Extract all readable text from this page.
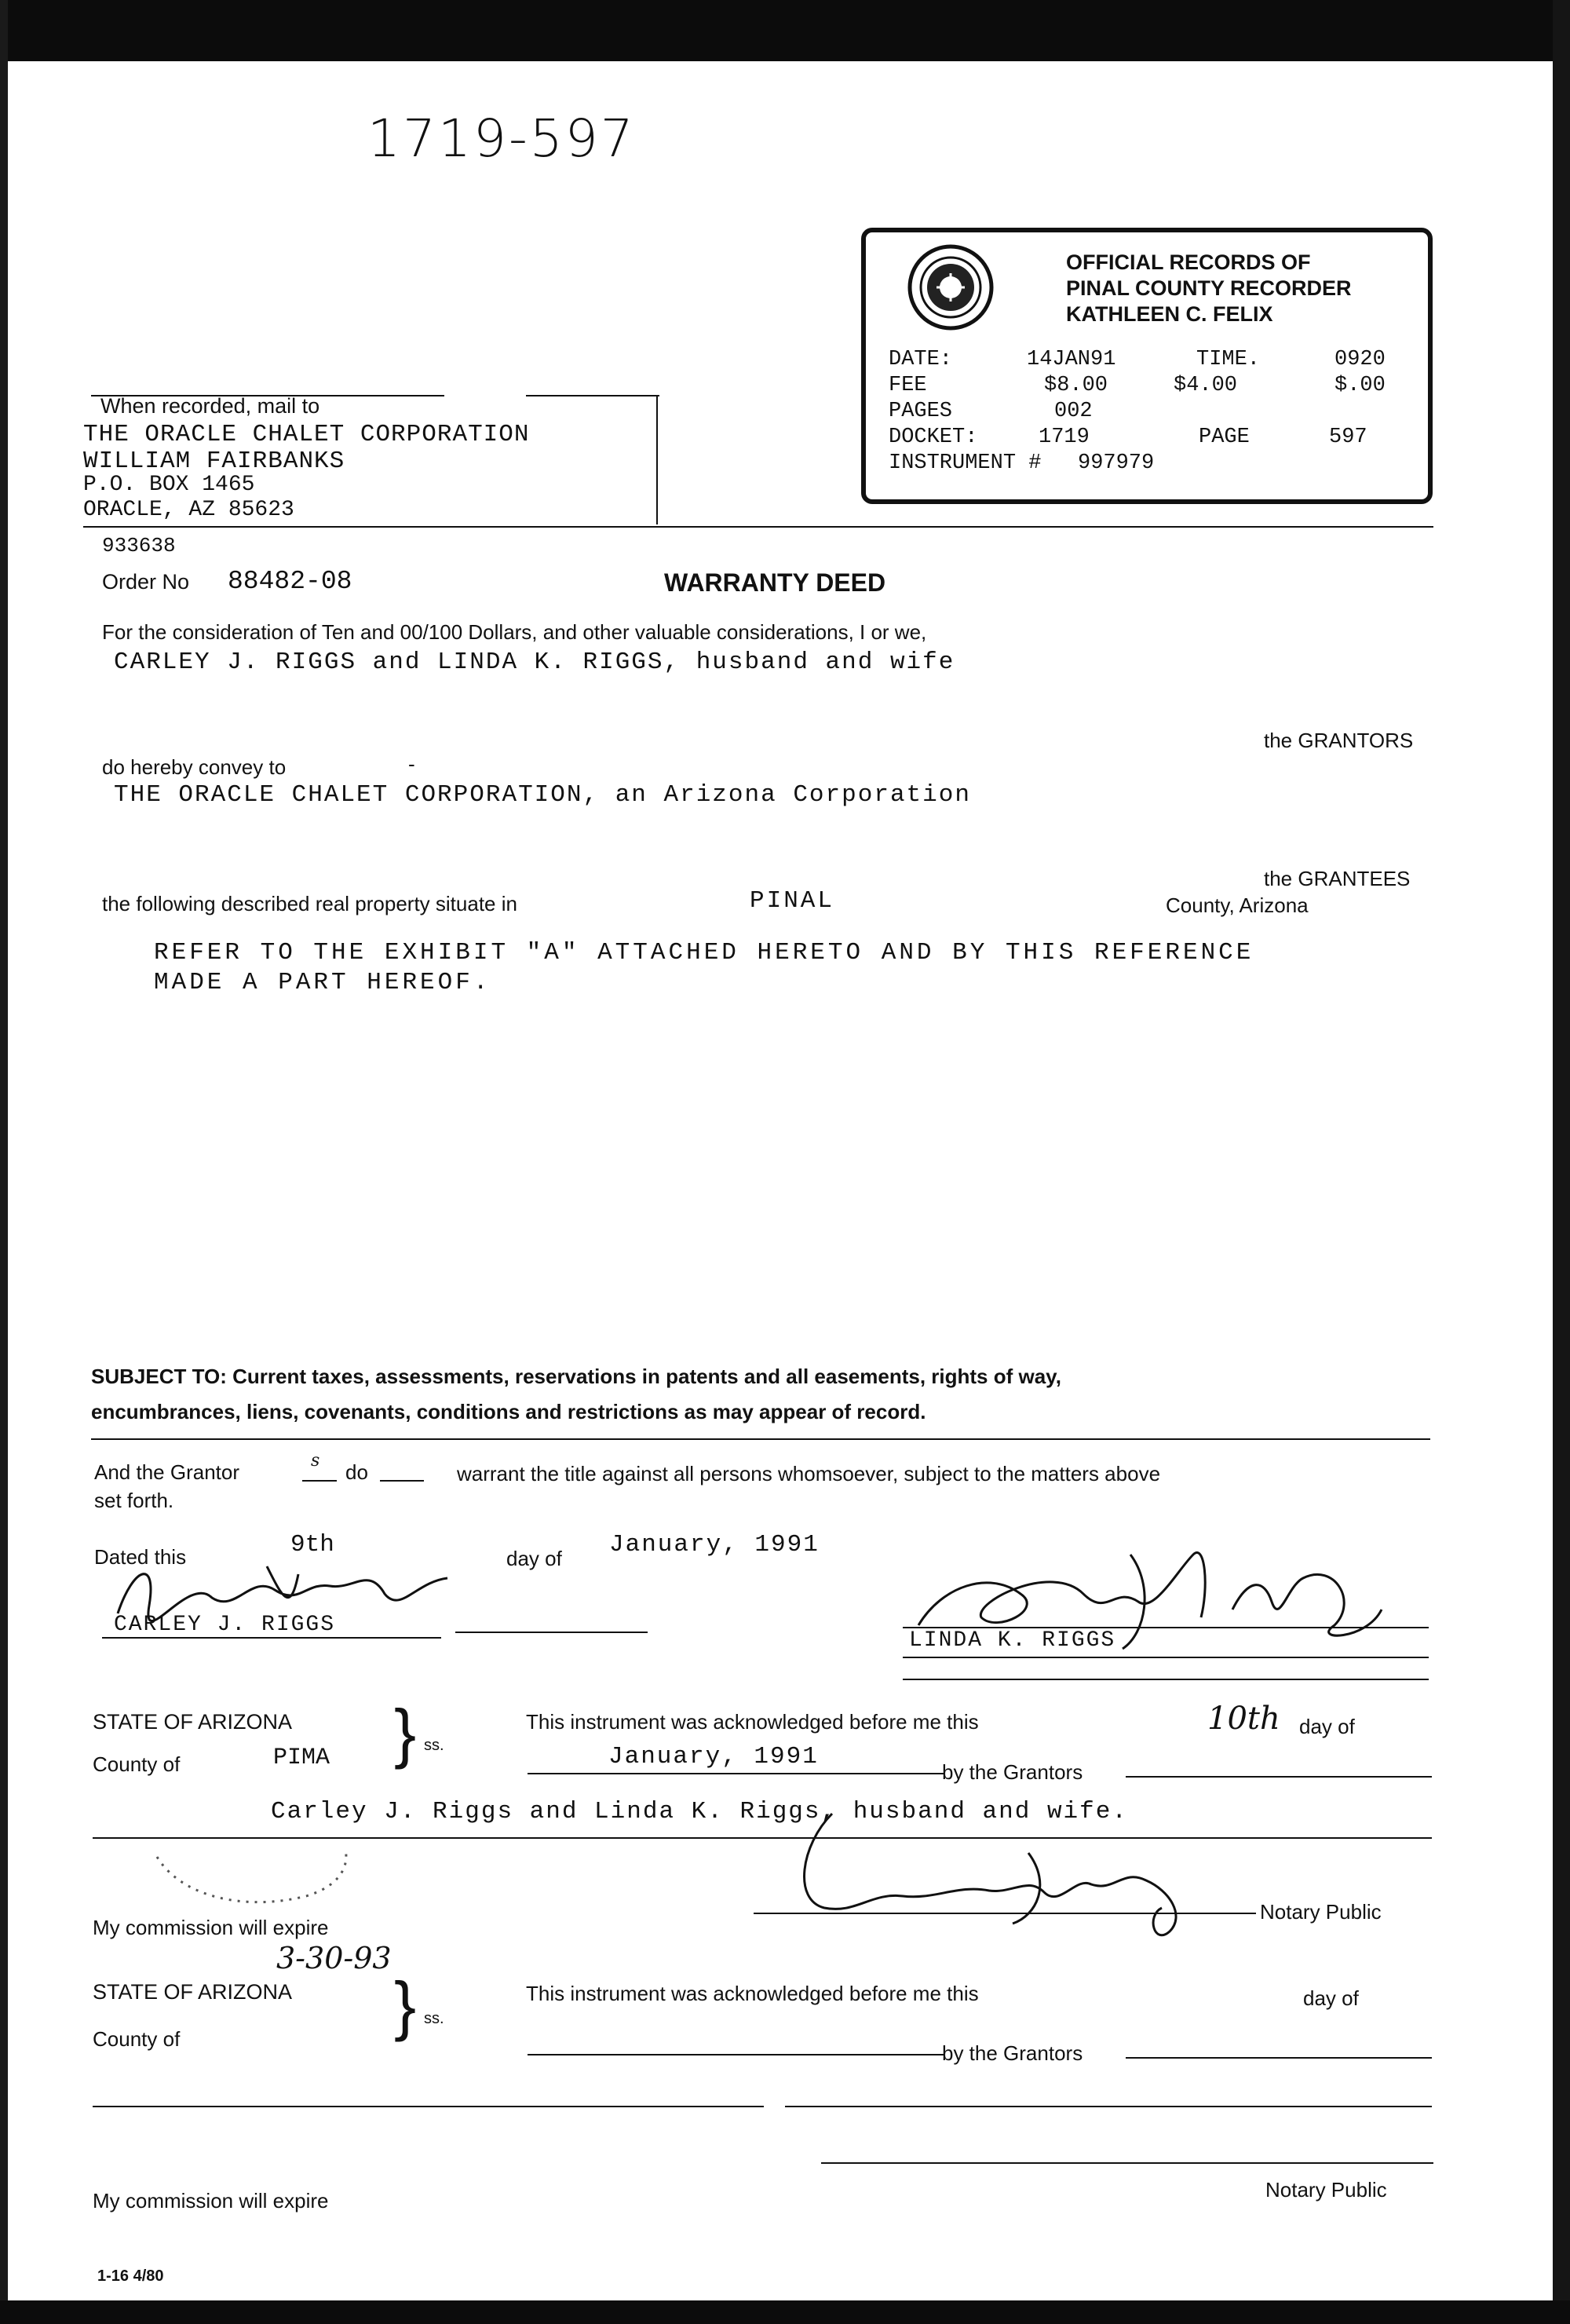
1719-597
OFFICIAL RECORDS OF
PINAL COUNTY RECORDER
KATHLEEN C. FELIX
DATE:	14JAN91	TIME.	0920
FEE	$8.00	$4.00	$.00
PAGES	002
DOCKET:	1719	PAGE	597
INSTRUMENT # 997979
When recorded, mail to
THE ORACLE CHALET CORPORATION
WILLIAM FAIRBANKS
P.O. BOX 1465
ORACLE, AZ 85623
933638
Order No 88482-08	WARRANTY DEED
For the consideration of Ten and 00/100 Dollars, and other valuable considerations, I or we,
CARLEY J. RIGGS and LINDA K. RIGGS, husband and wife
the GRANTORS
do hereby convey to	-
THE ORACLE CHALET CORPORATION, an Arizona Corporation
the GRANTEES
the following described real property situate in	PINAL	County, Arizona
REFER TO THE EXHIBIT "A" ATTACHED HERETO AND BY THIS REFERENCE
MADE A PART HEREOF.
SUBJECT TO: Current taxes, assessments, reservations in patents and all easements, rights of way,
encumbrances, liens, covenants, conditions and restrictions as may appear of record.
And the Grantor	s do	warrant the title against all persons whomsoever, subject to the matters above
set forth.
Dated this	9th	day of January, 1991
CARLEY J. RIGGS
LINDA K. RIGGS
STATE OF ARIZONA
County of	PIMA } ss.
This instrument was acknowledged before me this	10th day of
January, 1991
by the Grantors
Carley J. Riggs and Linda K. Riggs, husband and wife.
Notary Public
My commission will expire
3-30-93
STATE OF ARIZONA
County of	} ss.
This instrument was acknowledged before me this	day of
by the Grantors
Notary Public
My commission will expire
1-16 4/80
